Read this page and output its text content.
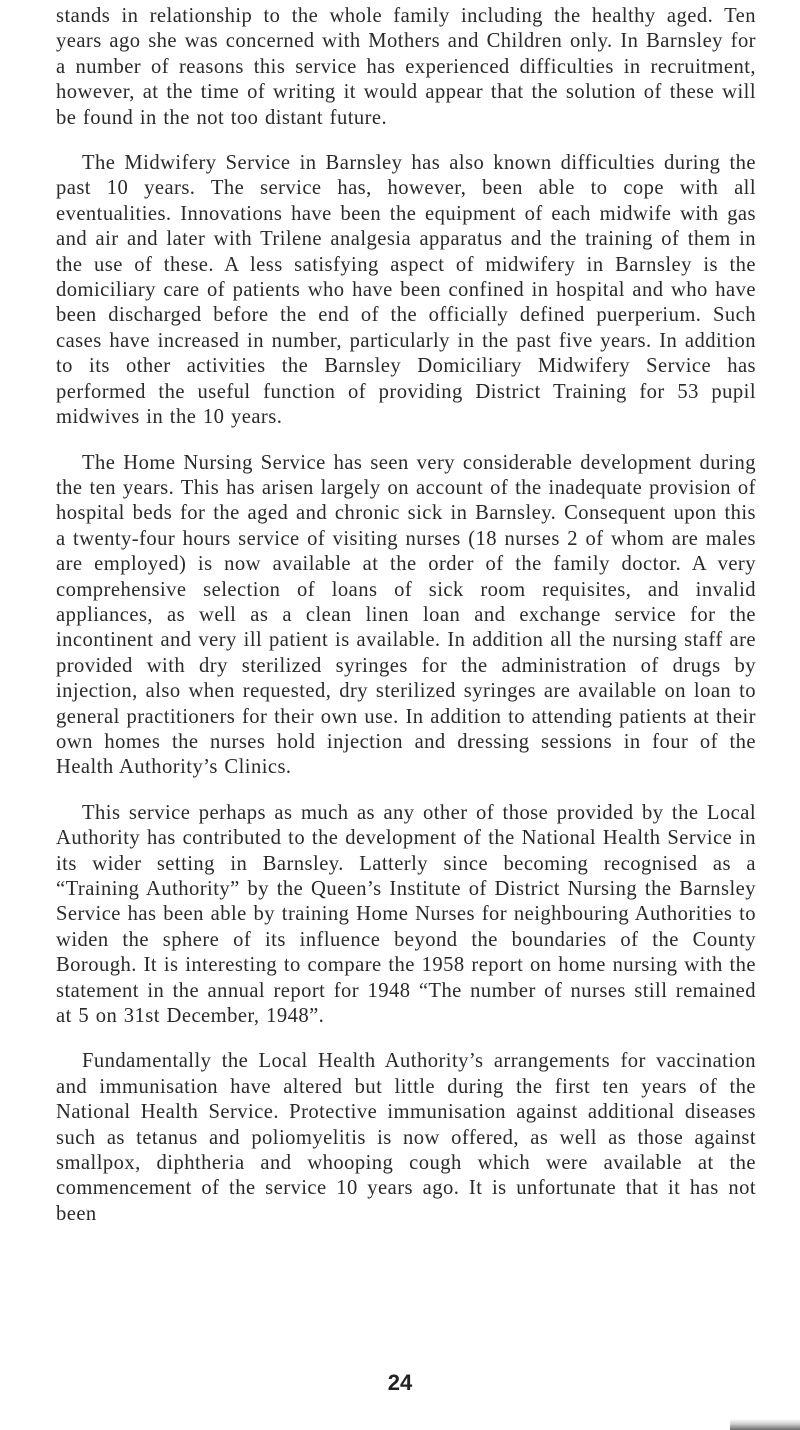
stands in relationship to the whole family including the healthy aged. Ten years ago she was concerned with Mothers and Children only. In Barnsley for a number of reasons this service has experienced difficulties in recruitment, however, at the time of writing it would appear that the solution of these will be found in the not too distant future.

The Midwifery Service in Barnsley has also known difficulties during the past 10 years. The service has, however, been able to cope with all eventualities. Innovations have been the equipment of each midwife with gas and air and later with Trilene analgesia apparatus and the training of them in the use of these. A less satisfying aspect of midwifery in Barnsley is the domiciliary care of patients who have been confined in hospital and who have been discharged before the end of the officially defined puerperium. Such cases have increased in number, particularly in the past five years. In addition to its other activities the Barnsley Domiciliary Midwifery Service has performed the useful function of providing District Training for 53 pupil midwives in the 10 years.

The Home Nursing Service has seen very considerable development during the ten years. This has arisen largely on account of the inadequate provision of hospital beds for the aged and chronic sick in Barnsley. Consequent upon this a twenty-four hours service of visiting nurses (18 nurses 2 of whom are males are employed) is now available at the order of the family doctor. A very comprehensive selection of loans of sick room requisites, and invalid appliances, as well as a clean linen loan and exchange service for the incontinent and very ill patient is available. In addition all the nursing staff are provided with dry sterilized syringes for the administration of drugs by injection, also when requested, dry sterilized syringes are available on loan to general practitioners for their own use. In addition to attending patients at their own homes the nurses hold injection and dressing sessions in four of the Health Authority’s Clinics.

This service perhaps as much as any other of those provided by the Local Authority has contributed to the development of the National Health Service in its wider setting in Barnsley. Latterly since becoming recognised as a “Training Authority” by the Queen’s Institute of District Nursing the Barnsley Service has been able by training Home Nurses for neighbouring Authorities to widen the sphere of its influence beyond the boundaries of the County Borough. It is interesting to compare the 1958 report on home nursing with the statement in the annual report for 1948 “The number of nurses still remained at 5 on 31st December, 1948”.

Fundamentally the Local Health Authority’s arrangements for vaccination and immunisation have altered but little during the first ten years of the National Health Service. Protective immunisation against additional diseases such as tetanus and poliomyelitis is now offered, as well as those against smallpox, diphtheria and whooping cough which were available at the commencement of the service 10 years ago. It is unfortunate that it has not been

24
